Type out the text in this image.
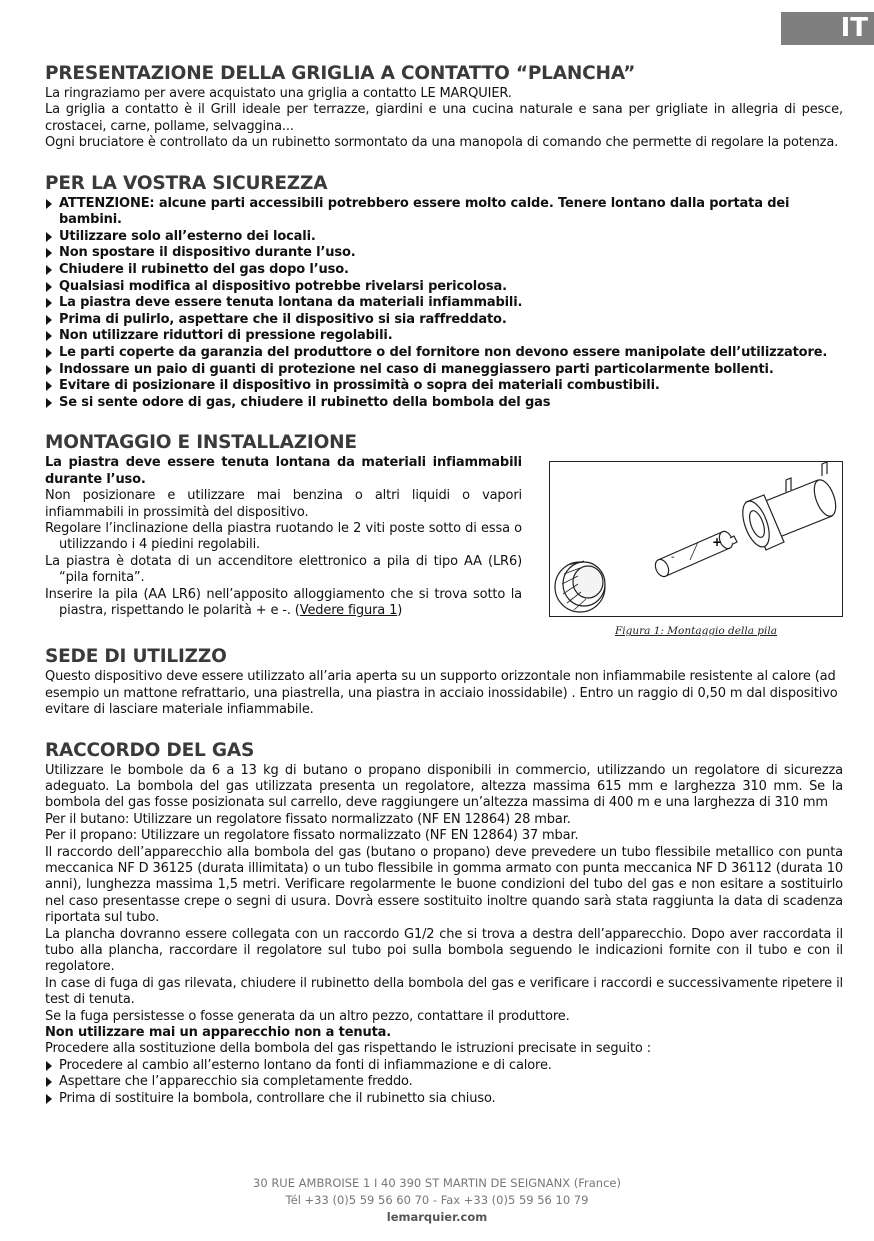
IT
PRESENTAZIONE DELLA GRIGLIA A CONTATTO “PLANCHA”

La ringraziamo per avere acquistato una griglia a contatto LE MARQUIER.

La griglia a contatto è il Grill ideale per terrazze, giardini e una cucina naturale e sana per grigliate in allegria di pesce, crostacei, carne, pollame, selvaggina...

Ogni bruciatore è controllato da un rubinetto sormontato da una manopola di comando che permette di regolare la potenza.

PER LA VOSTRA SICUREZZA
ATTENZIONE: alcune parti accessibili potrebbero essere molto calde. Tenere lontano dalla portata dei bambini.
Utilizzare solo all’esterno dei locali.
Non spostare il dispositivo durante l’uso.
Chiudere il rubinetto del gas dopo l’uso.
Qualsiasi modifica al dispositivo potrebbe rivelarsi pericolosa.
La piastra deve essere tenuta lontana da materiali infiammabili.
Prima di pulirlo, aspettare che il dispositivo si sia raffreddato.
Non utilizzare riduttori di pressione regolabili.
Le parti coperte da garanzia del produttore o del fornitore non devono essere manipolate dell’utilizzatore.
Indossare un paio di guanti di protezione nel caso di maneggiassero parti particolarmente bollenti.
Evitare di posizionare il dispositivo in prossimità o sopra dei materiali combustibili.
Se si sente odore di gas, chiudere il rubinetto della bombola del gas
MONTAGGIO E INSTALLAZIONE

La piastra deve essere tenuta lontana da materiali infiammabili durante l’uso.

Non posizionare e utilizzare mai benzina o altri liquidi o vapori infiammabili in prossimità del dispositivo.

Regolare l’inclinazione della piastra ruotando le 2 viti poste sotto di essa o utilizzando i 4 piedini regolabili.

La piastra è dotata di un accenditore elettronico a pila di tipo AA (LR6) “pila fornita”.

Inserire la pila (AA LR6) nell’apposito alloggiamento che si trova sotto la piastra, rispettando le polarità + e -. (Vedere figura 1)

-
+
Figura 1: Montaggio della pila
SEDE DI UTILIZZO

Questo dispositivo deve essere utilizzato all’aria aperta su un supporto orizzontale non infiammabile resistente al calore (ad esempio un mattone refrattario, una piastrella, una piastra in acciaio inossidabile) . Entro un raggio di 0,50 m dal dispositivo evitare di lasciare materiale infiammabile.

RACCORDO DEL GAS

Utilizzare le bombole da 6 a 13 kg di butano o propano disponibili in commercio, utilizzando un regolatore di sicurezza adeguato. La bombola del gas utilizzata presenta un regolatore, altezza massima 615 mm e larghezza 310 mm. Se la bombola del gas fosse posizionata sul carrello, deve raggiungere un’altezza massima di 400 m e una larghezza di 310 mm

Per il butano: Utilizzare un regolatore fissato normalizzato (NF EN 12864) 28 mbar.

Per il propano: Utilizzare un regolatore fissato normalizzato (NF EN 12864) 37 mbar.

Il raccordo dell’apparecchio alla bombola del gas (butano o propano) deve prevedere un tubo flessibile metallico con punta meccanica NF D 36125 (durata illimitata) o un tubo flessibile in gomma armato con punta meccanica NF D 36112 (durata 10 anni), lunghezza massima 1,5 metri. Verificare regolarmente le buone condizioni del tubo del gas e non esitare a sostituirlo nel caso presentasse crepe o segni di usura. Dovrà essere sostituito inoltre quando sarà stata raggiunta la data di scadenza riportata sul tubo.

La plancha dovranno essere collegata con un raccordo G1/2 che si trova a destra dell’apparecchio. Dopo aver raccordata il tubo alla plancha, raccordare il regolatore sul tubo poi sulla bombola seguendo le indicazioni fornite con il tubo e con il regolatore.

In case di fuga di gas rilevata, chiudere il rubinetto della bombola del gas e verificare i raccordi e successivamente ripetere il test di tenuta.

Se la fuga persistesse o fosse generata da un altro pezzo, contattare il produttore.

Non utilizzare mai un apparecchio non a tenuta.

Procedere alla sostituzione della bombola del gas rispettando le istruzioni precisate in seguito :

Procedere al cambio all’esterno lontano da fonti di infiammazione e di calore.
Aspettare che l’apparecchio sia completamente freddo.
Prima di sostituire la bombola, controllare che il rubinetto sia chiuso.
30 RUE AMBROISE 1 I 40 390 ST MARTIN DE SEIGNANX (France)
Tél +33 (0)5 59 56 60 70 - Fax +33 (0)5 59 56 10 79
lemarquier.com
